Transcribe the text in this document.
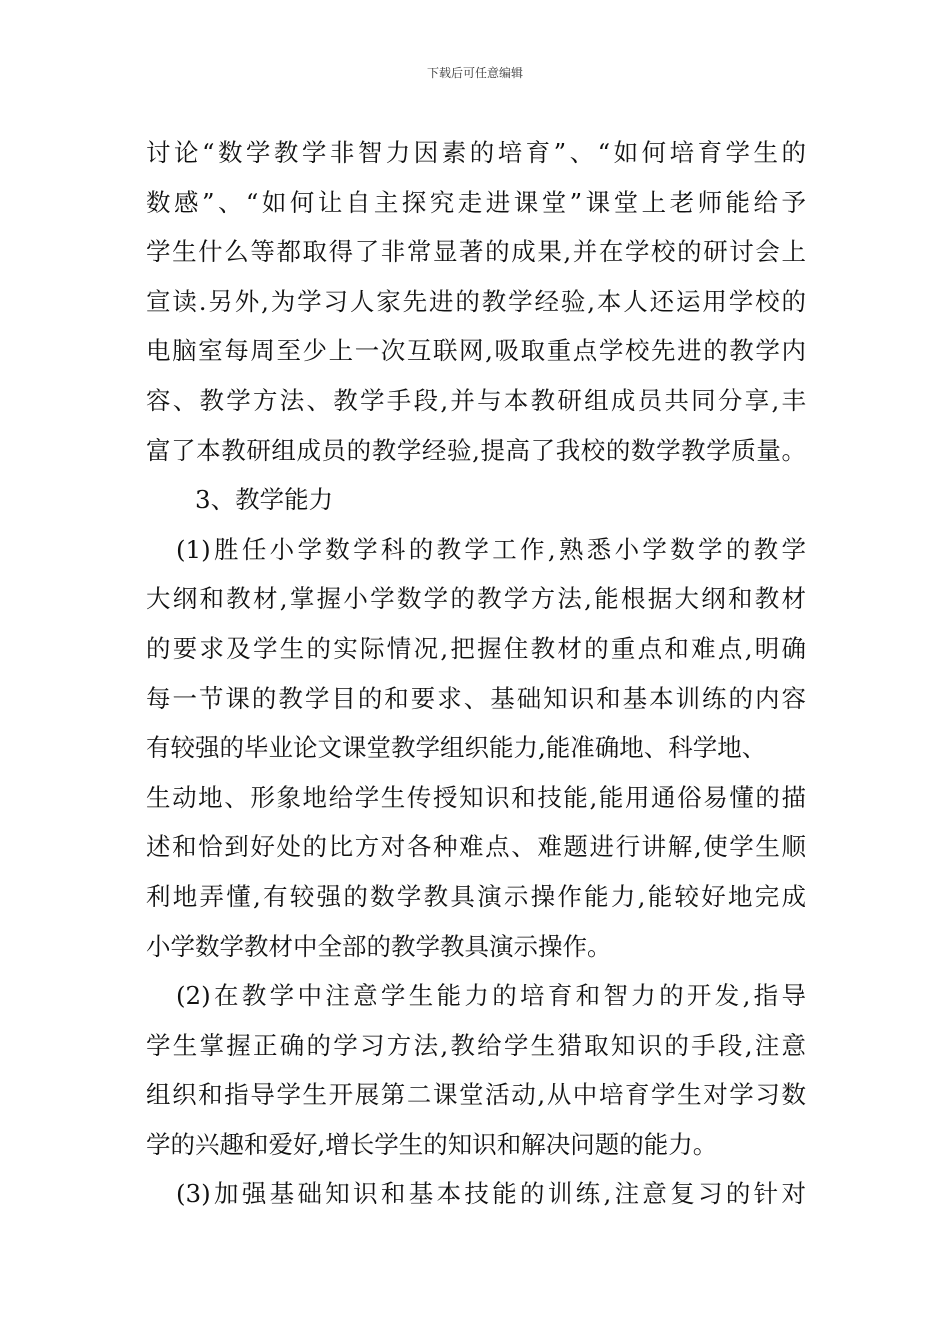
下载后可任意编辑
讨论“数学教学非智力因素的培育”、“如何培育学生的
数感”、“如何让自主探究走进课堂”课堂上老师能给予
学生什么等都取得了非常显著的成果,并在学校的研讨会上
宣读.另外,为学习人家先进的教学经验,本人还运用学校的
电脑室每周至少上一次互联网,吸取重点学校先进的教学内
容、教学方法、教学手段,并与本教研组成员共同分享,丰
富了本教研组成员的教学经验,提高了我校的数学教学质量。
3、教学能力
(1)胜任小学数学科的教学工作,熟悉小学数学的教学
大纲和教材,掌握小学数学的教学方法,能根据大纲和教材
的要求及学生的实际情况,把握住教材的重点和难点,明确
每一节课的教学目的和要求、基础知识和基本训练的内容
有较强的毕业论文课堂教学组织能力,能准确地、科学地、
生动地、形象地给学生传授知识和技能,能用通俗易懂的描
述和恰到好处的比方对各种难点、难题进行讲解,使学生顺
利地弄懂,有较强的数学教具演示操作能力,能较好地完成
小学数学教材中全部的教学教具演示操作。
(2)在教学中注意学生能力的培育和智力的开发,指导
学生掌握正确的学习方法,教给学生猎取知识的手段,注意
组织和指导学生开展第二课堂活动,从中培育学生对学习数
学的兴趣和爱好,增长学生的知识和解决问题的能力。
(3)加强基础知识和基本技能的训练,注意复习的针对
